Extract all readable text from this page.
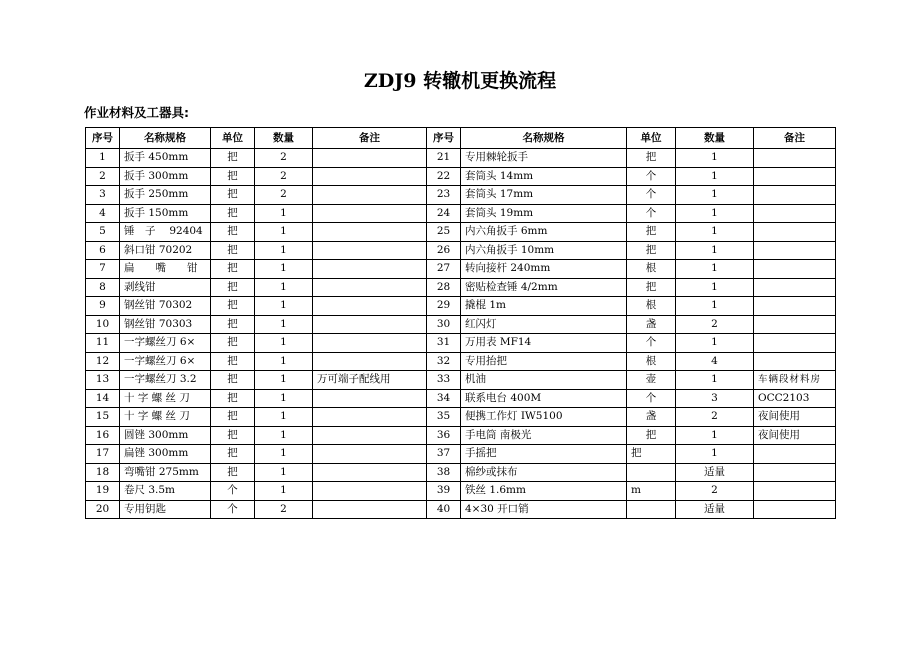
ZDJ9 转辙机更换流程
作业材料及工器具:
序号	名称规格	单位	数量	备注	序号	名称规格	单位	数量	备注
1	扳手 450mm	把	2		21	专用棘轮扳手	把	1	
2	扳手 300mm	把	2		22	套筒头 14mm	个	1	
3	扳手 250mm	把	2		23	套筒头 17mm	个	1	
4	扳手 150mm	把	1		24	套筒头 19mm	个	1	
5	锤　子　 92404	把	1		25	内六角扳手 6mm	把	1	
6	斜口钳 70202	把	1		26	内六角扳手 10mm	把	1	
7	扁　　嘴　　钳	把	1		27	转向接杆 240mm	根	1	
8	剥线钳	把	1		28	密贴检查锤 4/2mm	把	1	
9	钢丝钳 70302	把	1		29	撬棍 1m	根	1	
10	钢丝钳 70303	把	1		30	红闪灯	盏	2	
11	一字螺丝刀 6×	把	1		31	万用表 MF14	个	1	
12	一字螺丝刀 6×	把	1		32	专用抬把	根	4	
13	一字螺丝刀 3.2	把	1	万可端子配线用	33	机油	壶	1	车辆段材料房
14	十 字 螺 丝 刀	把	1		34	联系电台 400M	个	3	OCC2103
15	十 字 螺 丝 刀	把	1		35	便携工作灯 IW5100	盏	2	夜间使用
16	圆锉 300mm	把	1		36	手电筒 南极光	把	1	夜间使用
17	扁锉 300mm	把	1		37	手摇把	把	1	
18	弯嘴钳 275mm	把	1		38	棉纱或抹布		适量	
19	卷尺 3.5m	个	1		39	铁丝 1.6mm	m	2	
20	专用钥匙	个	2		40	4×30 开口销		适量	
